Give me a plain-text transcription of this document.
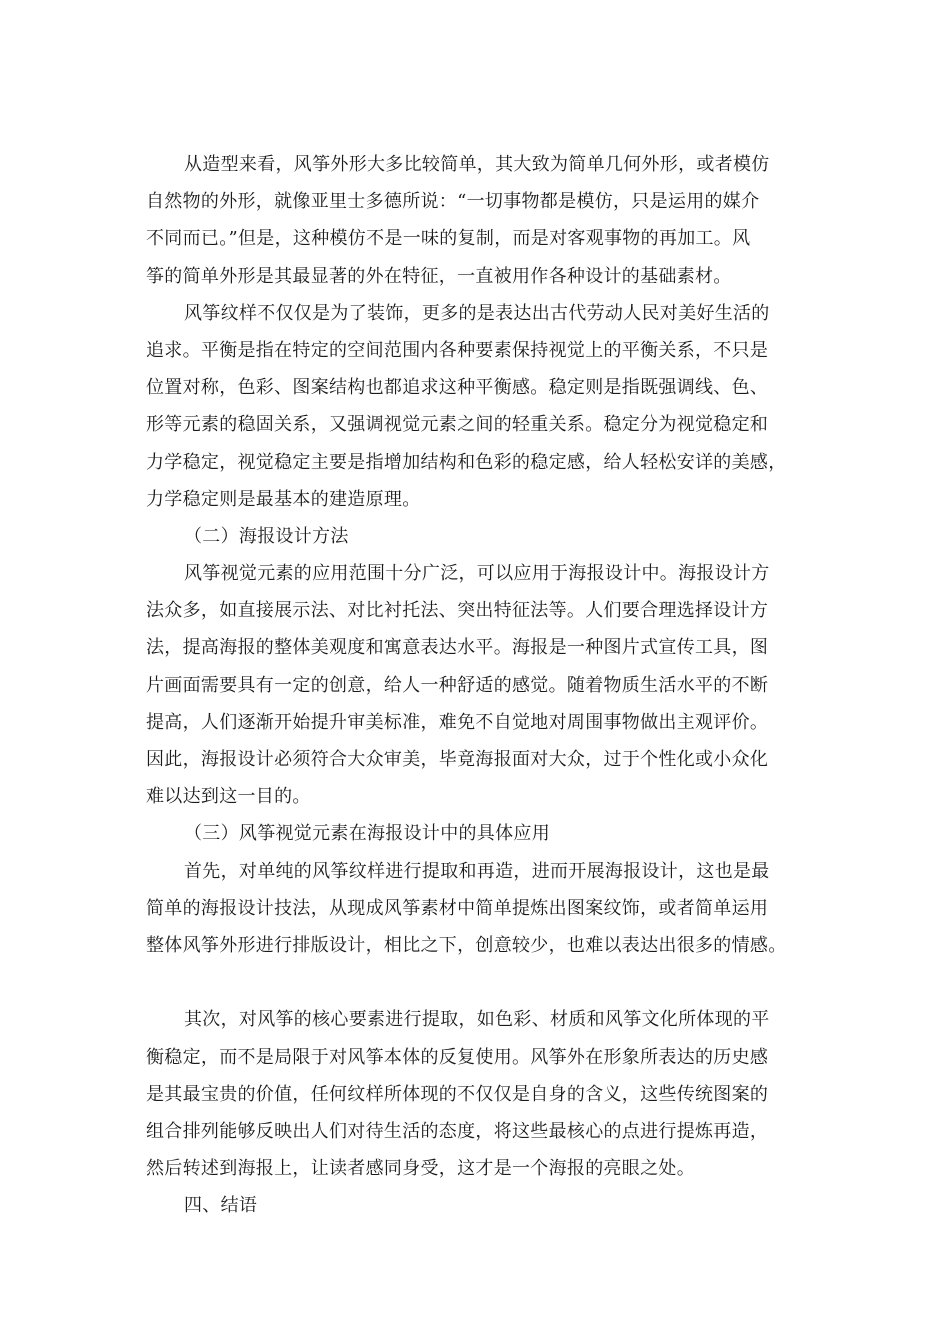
从造型来看，风筝外形大多比较简单，其大致为简单几何外形，或者模仿
自然物的外形，就像亚里士多德所说：“一切事物都是模仿，只是运用的媒介
不同而已。”但是，这种模仿不是一味的复制，而是对客观事物的再加工。风
筝的简单外形是其最显著的外在特征，一直被用作各种设计的基础素材。
风筝纹样不仅仅是为了装饰，更多的是表达出古代劳动人民对美好生活的
追求。平衡是指在特定的空间范围内各种要素保持视觉上的平衡关系，不只是
位置对称，色彩、图案结构也都追求这种平衡感。稳定则是指既强调线、色、
形等元素的稳固关系，又强调视觉元素之间的轻重关系。稳定分为视觉稳定和
力学稳定，视觉稳定主要是指增加结构和色彩的稳定感，给人轻松安详的美感，
力学稳定则是最基本的建造原理。
（二）海报设计方法
风筝视觉元素的应用范围十分广泛，可以应用于海报设计中。海报设计方
法众多，如直接展示法、对比衬托法、突出特征法等。人们要合理选择设计方
法，提高海报的整体美观度和寓意表达水平。海报是一种图片式宣传工具，图
片画面需要具有一定的创意，给人一种舒适的感觉。随着物质生活水平的不断
提高，人们逐渐开始提升审美标准，难免不自觉地对周围事物做出主观评价。
因此，海报设计必须符合大众审美，毕竟海报面对大众，过于个性化或小众化
难以达到这一目的。
（三）风筝视觉元素在海报设计中的具体应用
首先，对单纯的风筝纹样进行提取和再造，进而开展海报设计，这也是最
简单的海报设计技法，从现成风筝素材中简单提炼出图案纹饰，或者简单运用
整体风筝外形进行排版设计，相比之下，创意较少，也难以表达出很多的情感。
其次，对风筝的核心要素进行提取，如色彩、材质和风筝文化所体现的平
衡稳定，而不是局限于对风筝本体的反复使用。风筝外在形象所表达的历史感
是其最宝贵的价值，任何纹样所体现的不仅仅是自身的含义，这些传统图案的
组合排列能够反映出人们对待生活的态度，将这些最核心的点进行提炼再造，
然后转述到海报上，让读者感同身受，这才是一个海报的亮眼之处。
四、结语
